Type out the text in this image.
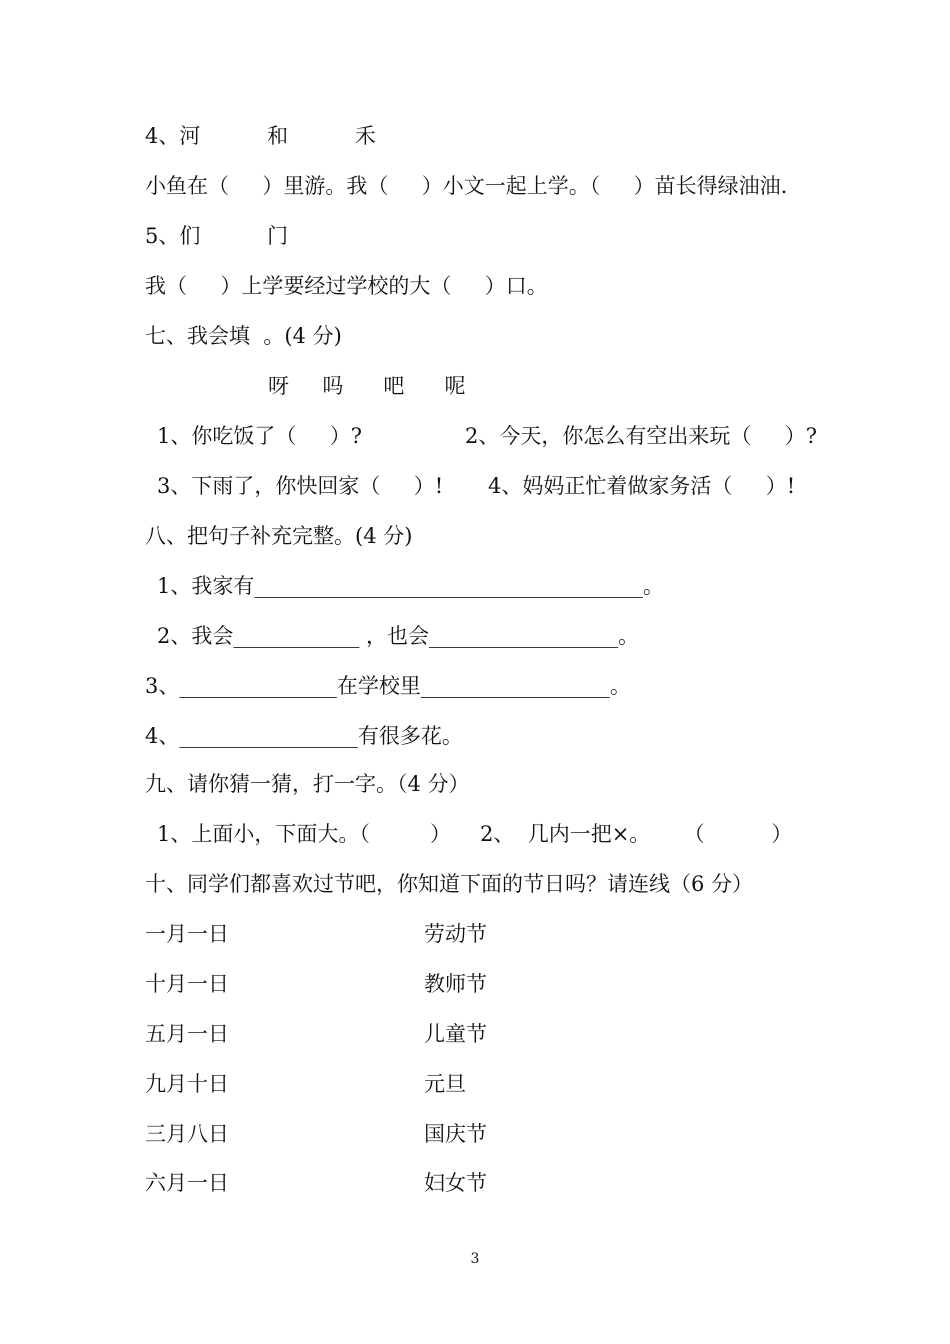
4、河          和          禾
小鱼在（     ）里游。我（     ）小文一起上学。（     ）苗长得绿油油.
5、们          门
我（     ）上学要经过学校的大（     ）口。
七、我会填  。(4 分)
呀     吗      吧      呢
1、你吃饭了（     ）?	2、今天，你怎么有空出来玩（     ）?
3、下雨了，你快回家（     ）! 4、妈妈正忙着做家务活（     ）!
八、把句子补充完整。(4 分)
1、我家有_____________________________________。
2、我会____________ ，也会__________________。
3、_______________在学校里__________________。
4、_________________有很多花。
九、请你猜一猜，打一字。（4 分）
1、上面小，下面大。（         ） 2、  几内一把×。     （          ）
十、同学们都喜欢过节吧，你知道下面的节日吗？请连线（6 分）
一月一日	劳动节
十月一日	教师节
五月一日	儿童节
九月十日	元旦
三月八日	国庆节
六月一日	妇女节
3
